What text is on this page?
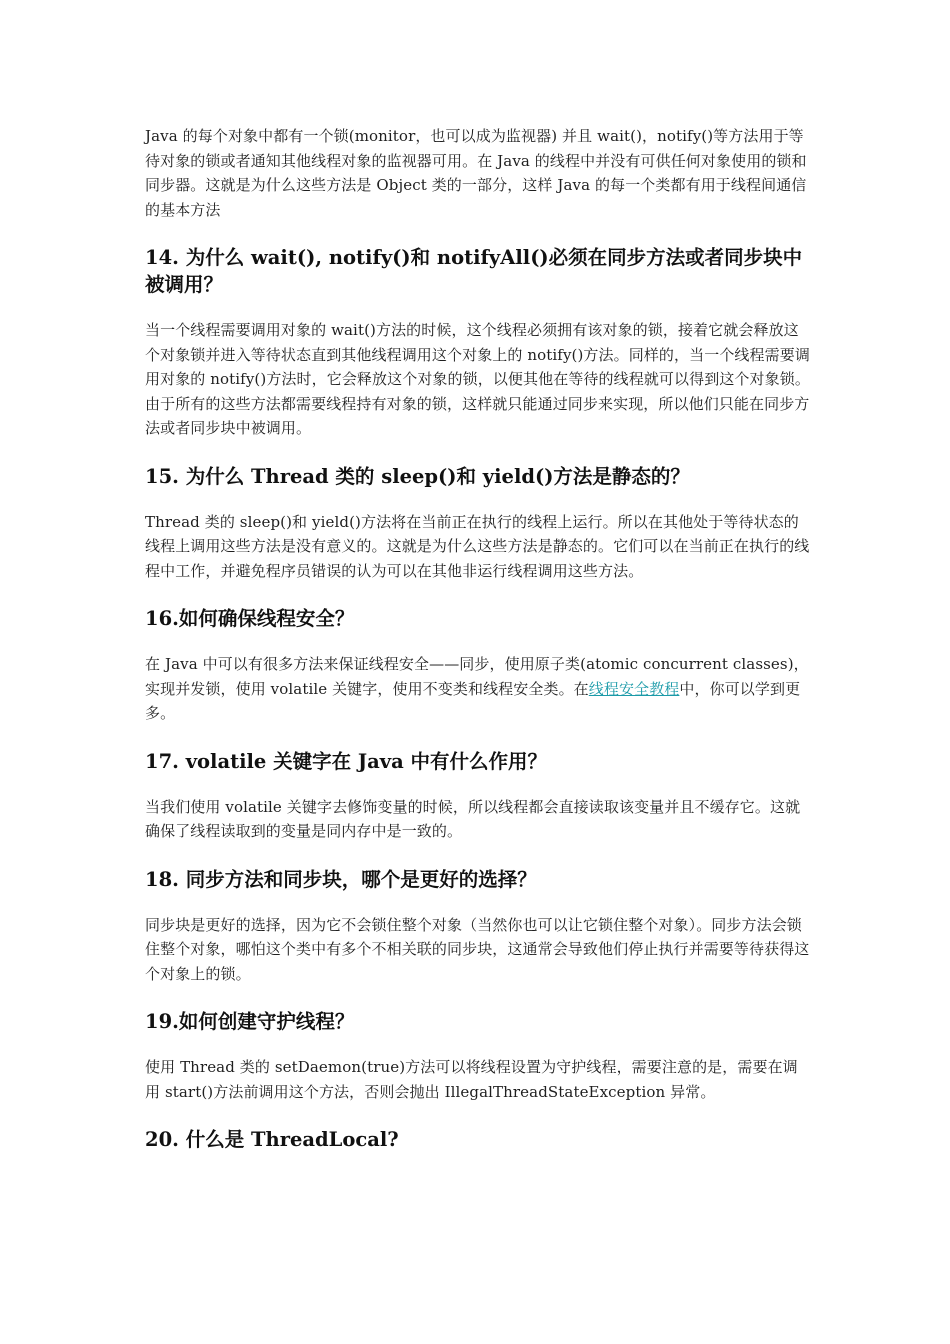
Java 的每个对象中都有一个锁(monitor，也可以成为监视器) 并且 wait()，notify()等方法用于等待对象的锁或者通知其他线程对象的监视器可用。在 Java 的线程中并没有可供任何对象使用的锁和同步器。这就是为什么这些方法是 Object 类的一部分，这样 Java 的每一个类都有用于线程间通信的基本方法

14. 为什么 wait(), notify()和 notifyAll()必须在同步方法或者同步块中被调用？

当一个线程需要调用对象的 wait()方法的时候，这个线程必须拥有该对象的锁，接着它就会释放这个对象锁并进入等待状态直到其他线程调用这个对象上的 notify()方法。同样的，当一个线程需要调用对象的 notify()方法时，它会释放这个对象的锁，以便其他在等待的线程就可以得到这个对象锁。由于所有的这些方法都需要线程持有对象的锁，这样就只能通过同步来实现，所以他们只能在同步方法或者同步块中被调用。

15. 为什么 Thread 类的 sleep()和 yield()方法是静态的？

Thread 类的 sleep()和 yield()方法将在当前正在执行的线程上运行。所以在其他处于等待状态的线程上调用这些方法是没有意义的。这就是为什么这些方法是静态的。它们可以在当前正在执行的线程中工作，并避免程序员错误的认为可以在其他非运行线程调用这些方法。

16.如何确保线程安全？

在 Java 中可以有很多方法来保证线程安全——同步，使用原子类(atomic concurrent classes)，实现并发锁，使用 volatile 关键字，使用不变类和线程安全类。在线程安全教程中，你可以学到更多。

17. volatile 关键字在 Java 中有什么作用？

当我们使用 volatile 关键字去修饰变量的时候，所以线程都会直接读取该变量并且不缓存它。这就确保了线程读取到的变量是同内存中是一致的。

18. 同步方法和同步块，哪个是更好的选择？

同步块是更好的选择，因为它不会锁住整个对象（当然你也可以让它锁住整个对象）。同步方法会锁住整个对象，哪怕这个类中有多个不相关联的同步块，这通常会导致他们停止执行并需要等待获得这个对象上的锁。

19.如何创建守护线程？

使用 Thread 类的 setDaemon(true)方法可以将线程设置为守护线程，需要注意的是，需要在调用 start()方法前调用这个方法，否则会抛出 IllegalThreadStateException 异常。

20. 什么是 ThreadLocal?
